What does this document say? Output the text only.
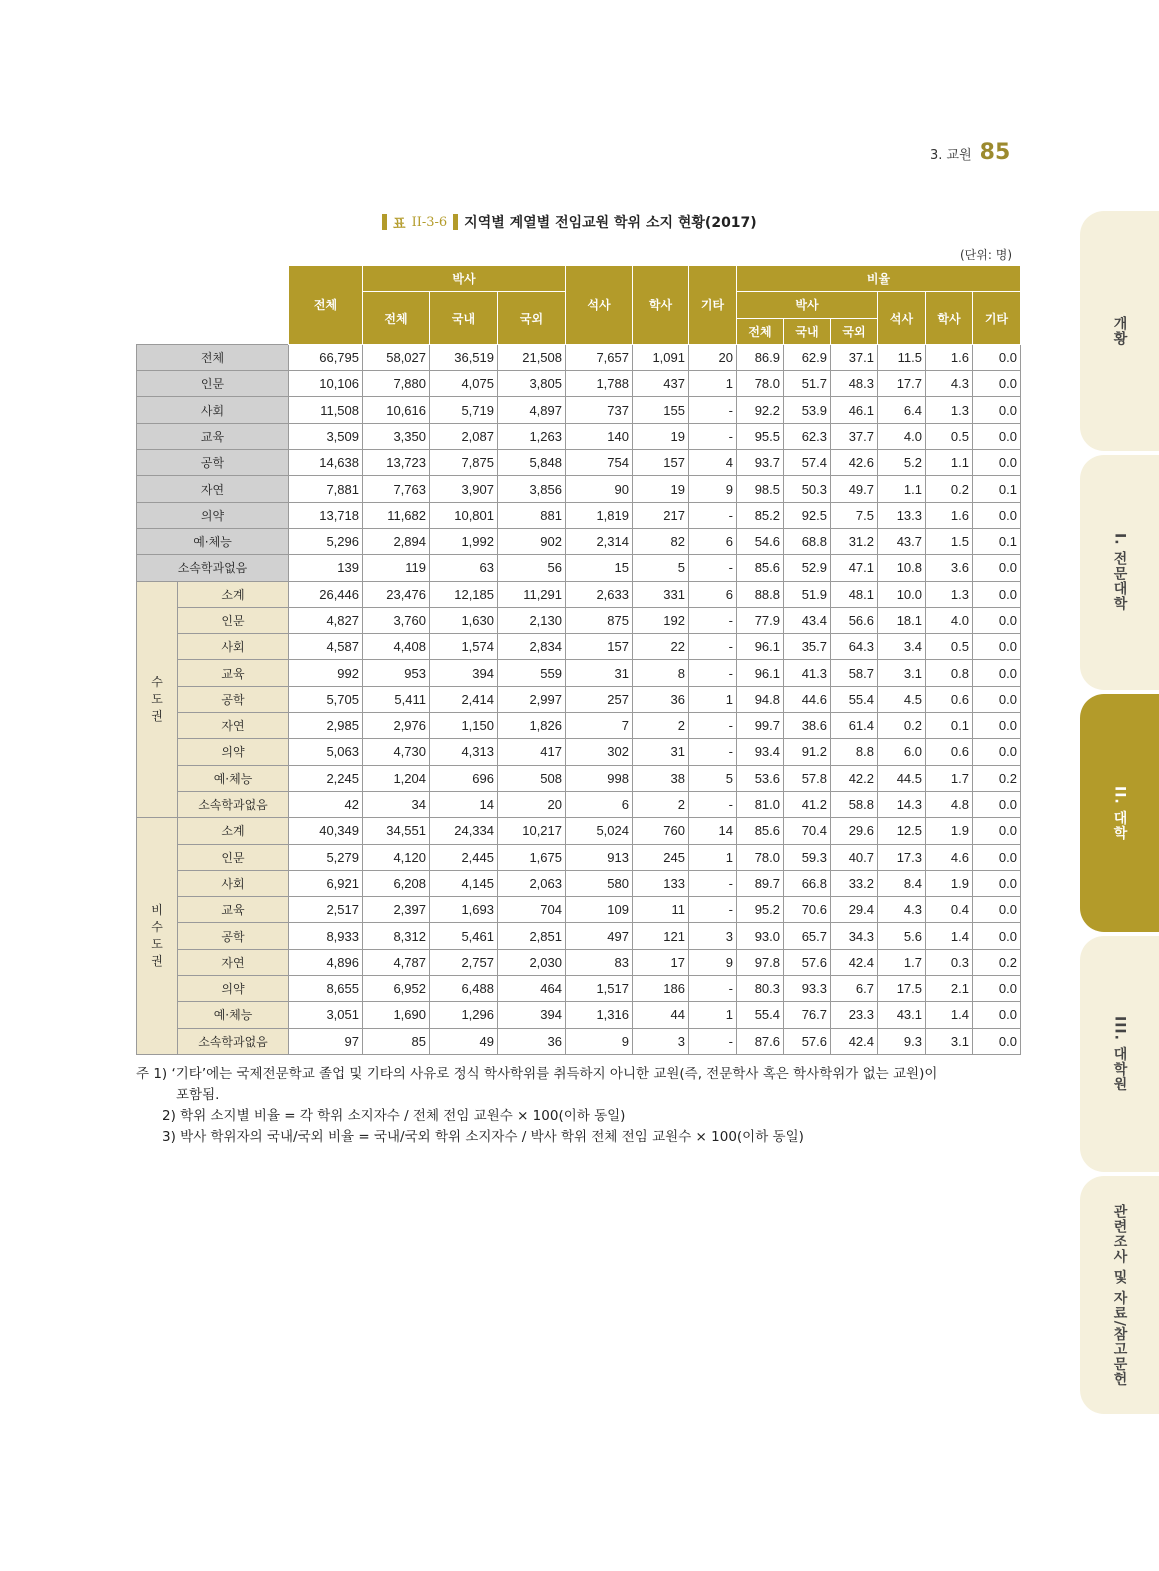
3. 교원 85
표 II-3-6 지역별 계열별 전임교원 학위 소지 현황(2017)
(단위: 명)
		전체	박사			석사	학사	기타	비율					
			전체	국내	국외				박사			석사	학사	기타
									전체	국내	국외			
전체		66,795	58,027	36,519	21,508	7,657	1,091	20	86.9	62.9	37.1	11.5	1.6	0.0
인문		10,106	7,880	4,075	3,805	1,788	437	1	78.0	51.7	48.3	17.7	4.3	0.0
사회		11,508	10,616	5,719	4,897	737	155	-	92.2	53.9	46.1	6.4	1.3	0.0
교육		3,509	3,350	2,087	1,263	140	19	-	95.5	62.3	37.7	4.0	0.5	0.0
공학		14,638	13,723	7,875	5,848	754	157	4	93.7	57.4	42.6	5.2	1.1	0.0
자연		7,881	7,763	3,907	3,856	90	19	9	98.5	50.3	49.7	1.1	0.2	0.1
의약		13,718	11,682	10,801	881	1,819	217	-	85.2	92.5	7.5	13.3	1.6	0.0
예·체능		5,296	2,894	1,992	902	2,314	82	6	54.6	68.8	31.2	43.7	1.5	0.1
소속학과없음		139	119	63	56	15	5	-	85.6	52.9	47.1	10.8	3.6	0.0
수
도
권	소계	26,446	23,476	12,185	11,291	2,633	331	6	88.8	51.9	48.1	10.0	1.3	0.0
	인문	4,827	3,760	1,630	2,130	875	192	-	77.9	43.4	56.6	18.1	4.0	0.0
	사회	4,587	4,408	1,574	2,834	157	22	-	96.1	35.7	64.3	3.4	0.5	0.0
	교육	992	953	394	559	31	8	-	96.1	41.3	58.7	3.1	0.8	0.0
	공학	5,705	5,411	2,414	2,997	257	36	1	94.8	44.6	55.4	4.5	0.6	0.0
	자연	2,985	2,976	1,150	1,826	7	2	-	99.7	38.6	61.4	0.2	0.1	0.0
	의약	5,063	4,730	4,313	417	302	31	-	93.4	91.2	8.8	6.0	0.6	0.0
	예·체능	2,245	1,204	696	508	998	38	5	53.6	57.8	42.2	44.5	1.7	0.2
	소속학과없음	42	34	14	20	6	2	-	81.0	41.2	58.8	14.3	4.8	0.0
비
수
도
권	소계	40,349	34,551	24,334	10,217	5,024	760	14	85.6	70.4	29.6	12.5	1.9	0.0
	인문	5,279	4,120	2,445	1,675	913	245	1	78.0	59.3	40.7	17.3	4.6	0.0
	사회	6,921	6,208	4,145	2,063	580	133	-	89.7	66.8	33.2	8.4	1.9	0.0
	교육	2,517	2,397	1,693	704	109	11	-	95.2	70.6	29.4	4.3	0.4	0.0
	공학	8,933	8,312	5,461	2,851	497	121	3	93.0	65.7	34.3	5.6	1.4	0.0
	자연	4,896	4,787	2,757	2,030	83	17	9	97.8	57.6	42.4	1.7	0.3	0.2
	의약	8,655	6,952	6,488	464	1,517	186	-	80.3	93.3	6.7	17.5	2.1	0.0
	예·체능	3,051	1,690	1,296	394	1,316	44	1	55.4	76.7	23.3	43.1	1.4	0.0
	소속학과없음	97	85	49	36	9	3	-	87.6	57.6	42.4	9.3	3.1	0.0
주 1) ‘기타’에는 국제전문학교 졸업 및 기타의 사유로 정식 학사학위를 취득하지 아니한 교원(즉, 전문학사 혹은 학사학위가 없는 교원)이
포함됨.
2) 학위 소지별 비율 = 각 학위 소지자수 / 전체 전임 교원수 × 100(이하 동일)
3) 박사 학위자의 국내/국외 비율 = 국내/국외 학위 소지자수 / 박사 학위 전체 전임 교원수 × 100(이하 동일)
개황
I. 전문대학
II. 대학
III. 대학원
관련조사 및 자료/참고문헌
